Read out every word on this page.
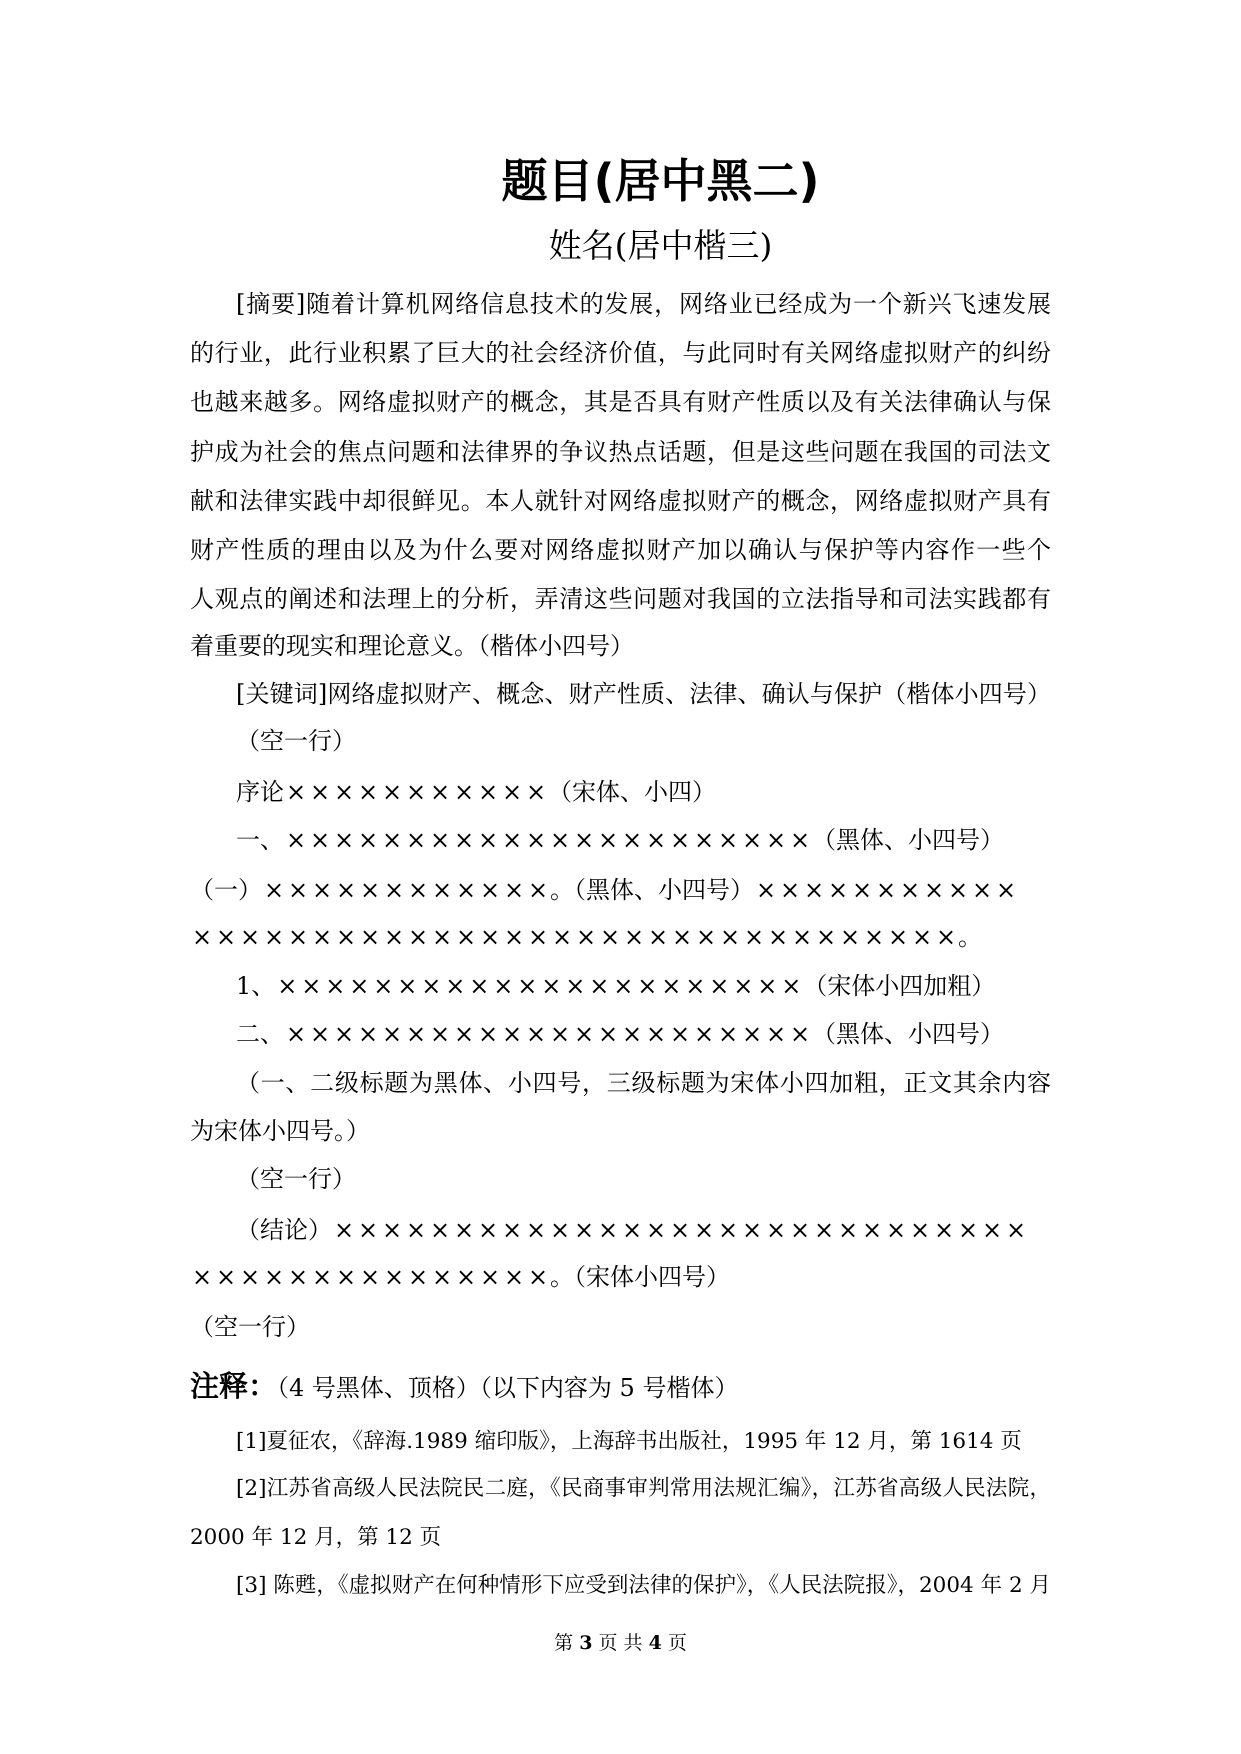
题目(居中黑二)
姓名(居中楷三)
[摘要]随着计算机网络信息技术的发展，网络业已经成为一个新兴飞速发展
的行业，此行业积累了巨大的社会经济价值，与此同时有关网络虚拟财产的纠纷
也越来越多。网络虚拟财产的概念，其是否具有财产性质以及有关法律确认与保
护成为社会的焦点问题和法律界的争议热点话题，但是这些问题在我国的司法文
献和法律实践中却很鲜见。本人就针对网络虚拟财产的概念，网络虚拟财产具有
财产性质的理由以及为什么要对网络虚拟财产加以确认与保护等内容作一些个
人观点的阐述和法理上的分析，弄清这些问题对我国的立法指导和司法实践都有
着重要的现实和理论意义。（楷体小四号）
[关键词]网络虚拟财产、概念、财产性质、法律、确认与保护（楷体小四号）
（空一行）
序论× × × × × × × × × × ×（宋体、小四）
一、× × × × × × × × × × × × × × × × × × × × × ×（黑体、小四号）
（一）× × × × × × × × × × × ×。（黑体、小四号）× × × × × × × × × × ×
× × × × × × × × × × × × × × × × × × × × × × × × × × × × × × × ×。
1、× × × × × × × × × × × × × × × × × × × × × ×（宋体小四加粗）
二、× × × × × × × × × × × × × × × × × × × × × ×（黑体、小四号）
（一、二级标题为黑体、小四号，三级标题为宋体小四加粗，正文其余内容
为宋体小四号。）
（空一行）
（结论）× × × × × × × × × × × × × × × × × × × × × × × × × × × × ×
× × × × × × × × × × × × × × ×。（宋体小四号）
（空一行）
注释：（4 号黑体、顶格）（以下内容为 5 号楷体）
[1]夏征农，《辞海.1989 缩印版》，上海辞书出版社，1995 年 12 月，第 1614 页
[2]江苏省高级人民法院民二庭，《民商事审判常用法规汇编》，江苏省高级人民法院，
2000 年 12 月，第 12 页
[3] 陈甦，《虚拟财产在何种情形下应受到法律的保护》，《人民法院报》，2004 年 2 月
第 3 页 共 4 页
